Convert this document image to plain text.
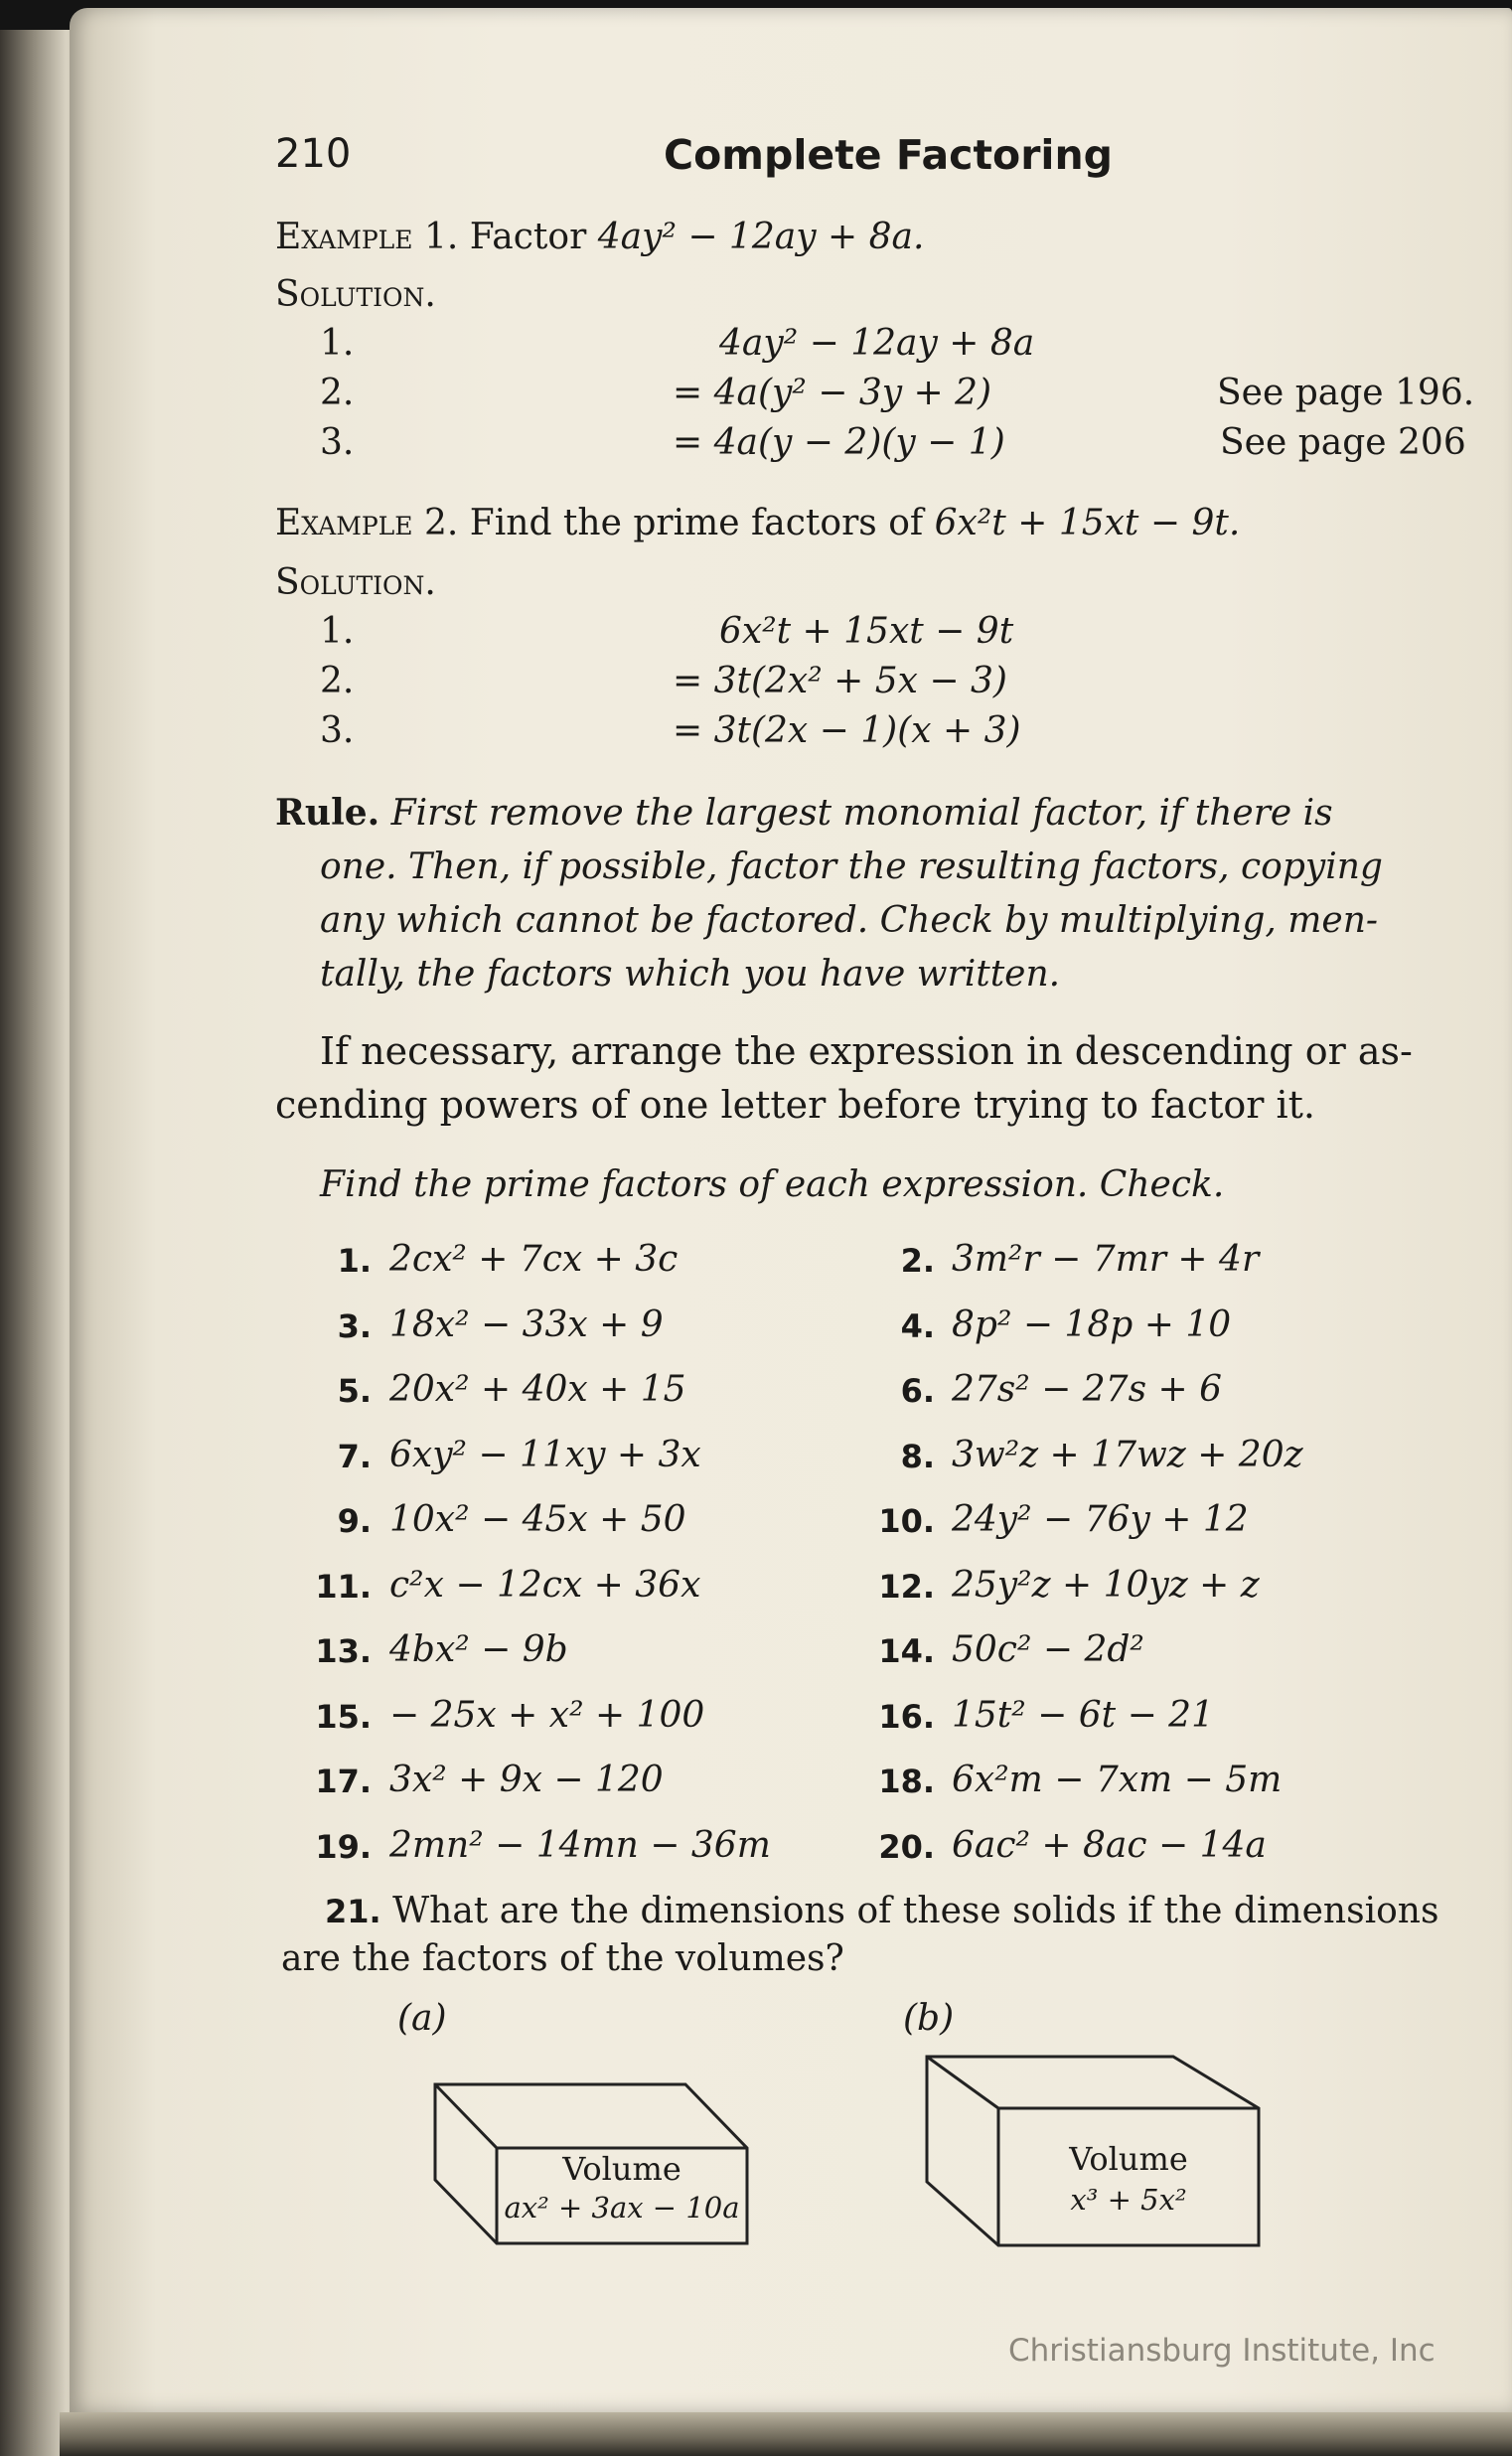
210	Complete Factoring
Example 1. Factor 4ay² − 12ay + 8a.
Solution.
1.	4ay² − 12ay + 8a
2.	= 4a(y² − 3y + 2)	See page 196.
3.	= 4a(y − 2)(y − 1)	See page 206
Example 2. Find the prime factors of 6x²t + 15xt − 9t.
Solution.
1.	6x²t + 15xt − 9t
2.	= 3t(2x² + 5x − 3)
3.	= 3t(2x − 1)(x + 3)
Rule. First remove the largest monomial factor, if there is
one. Then, if possible, factor the resulting factors, copying
any which cannot be factored. Check by multiplying, men-
tally, the factors which you have written.
If necessary, arrange the expression in descending or as-
cending powers of one letter before trying to factor it.
Find the prime factors of each expression. Check.
1. 2cx² + 7cx + 3c	2. 3m²r − 7mr + 4r
3. 18x² − 33x + 9	4. 8p² − 18p + 10
5. 20x² + 40x + 15	6. 27s² − 27s + 6
7. 6xy² − 11xy + 3x	8. 3w²z + 17wz + 20z
9. 10x² − 45x + 50	10. 24y² − 76y + 12
11. c²x − 12cx + 36x	12. 25y²z + 10yz + z
13. 4bx² − 9b	14. 50c² − 2d²
15. − 25x + x² + 100	16. 15t² − 6t − 21
17. 3x² + 9x − 120	18. 6x²m − 7xm − 5m
19. 2mn² − 14mn − 36m	20. 6ac² + 8ac − 14a
21. What are the dimensions of these solids if the dimensions
are the factors of the volumes?
(a)	(b)
Volume
ax² + 3ax − 10a
Volume
x³ + 5x²
Christiansburg Institute, Inc
